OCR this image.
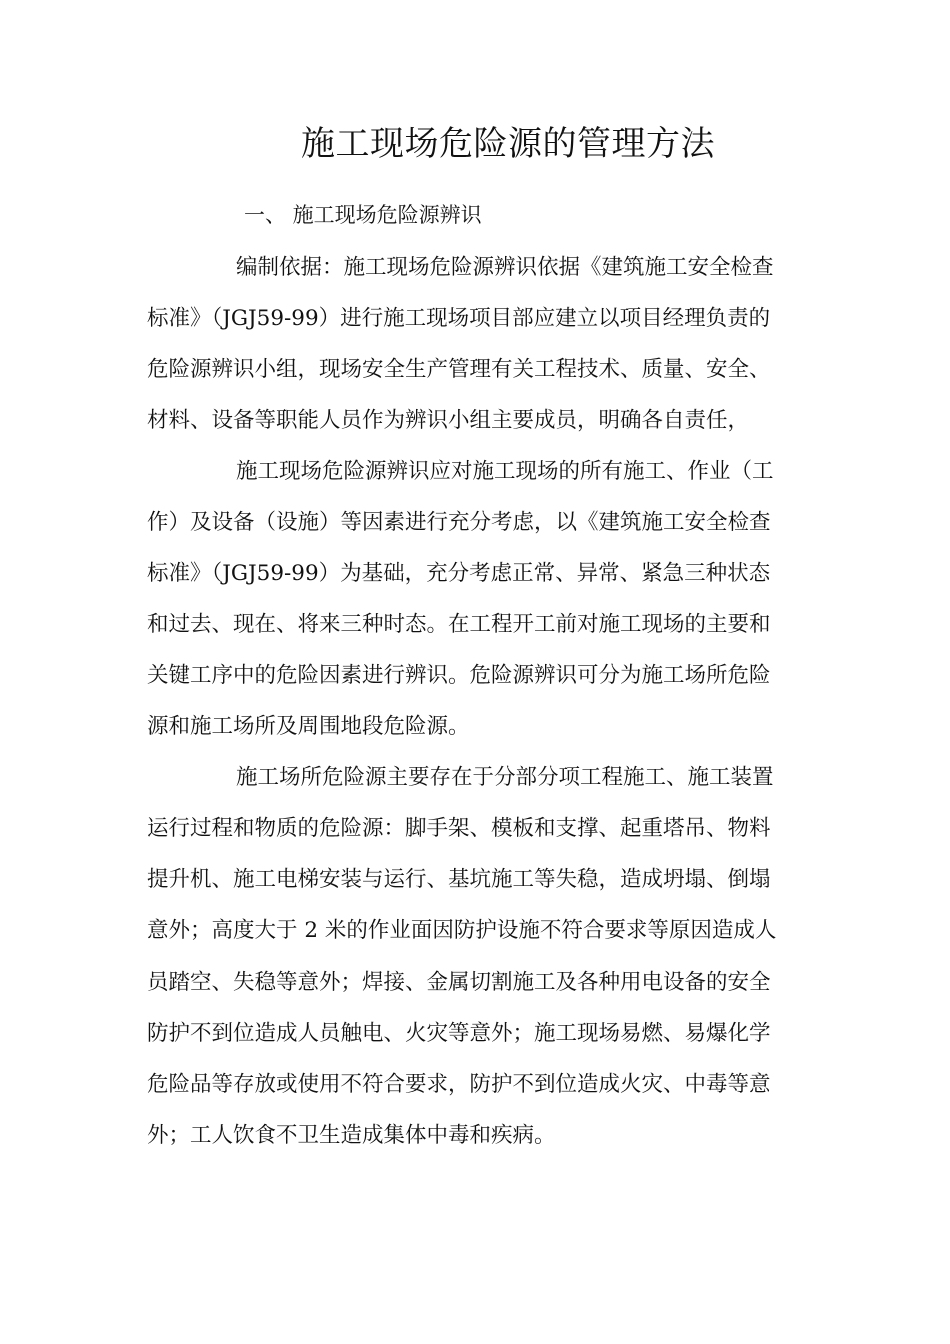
施工现场危险源的管理方法
一、 施工现场危险源辨识
编制依据：施工现场危险源辨识依据《建筑施工安全检查
标准》（JGJ59-99）进行施工现场项目部应建立以项目经理负责的
危险源辨识小组，现场安全生产管理有关工程技术、质量、安全、
材料、设备等职能人员作为辨识小组主要成员，明确各自责任，
施工现场危险源辨识应对施工现场的所有施工、作业（工
作）及设备（设施）等因素进行充分考虑，以《建筑施工安全检查
标准》（JGJ59-99）为基础，充分考虑正常、异常、紧急三种状态
和过去、现在、将来三种时态。在工程开工前对施工现场的主要和
关键工序中的危险因素进行辨识。危险源辨识可分为施工场所危险
源和施工场所及周围地段危险源。
施工场所危险源主要存在于分部分项工程施工、施工装置
运行过程和物质的危险源：脚手架、模板和支撑、起重塔吊、物料
提升机、施工电梯安装与运行、基坑施工等失稳，造成坍塌、倒塌
意外；高度大于 2 米的作业面因防护设施不符合要求等原因造成人
员踏空、失稳等意外；焊接、金属切割施工及各种用电设备的安全
防护不到位造成人员触电、火灾等意外；施工现场易燃、易爆化学
危险品等存放或使用不符合要求，防护不到位造成火灾、中毒等意
外；工人饮食不卫生造成集体中毒和疾病。
